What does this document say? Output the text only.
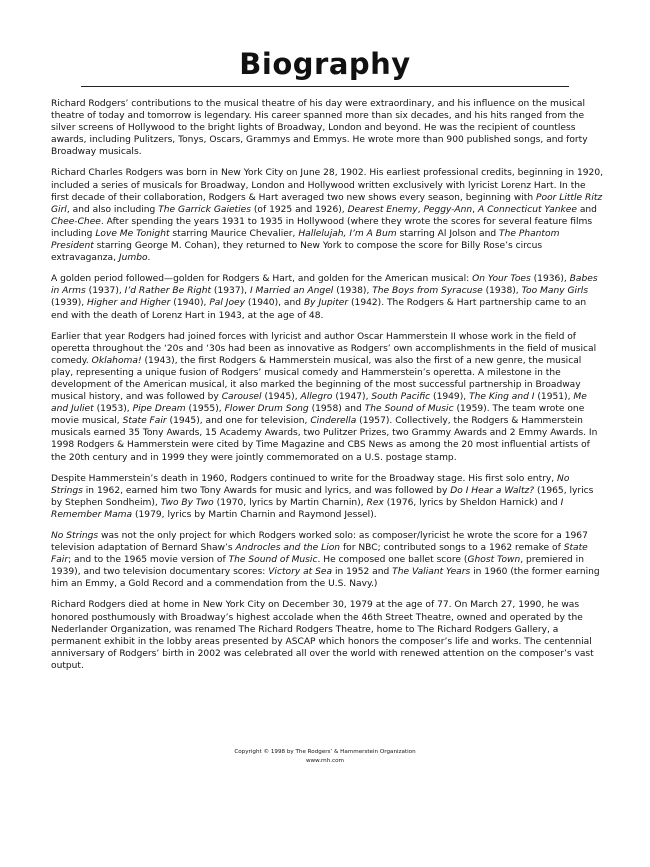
Biography

Richard Rodgers’ contributions to the musical theatre of his day were extraordinary, and his influence on the musical theatre of today and tomorrow is legendary. His career spanned more than six decades, and his hits ranged from the silver screens of Hollywood to the bright lights of Broadway, London and beyond. He was the recipient of countless awards, including Pulitzers, Tonys, Oscars, Grammys and Emmys. He wrote more than 900 published songs, and forty Broadway musicals.

Richard Charles Rodgers was born in New York City on June 28, 1902. His earliest professional credits, beginning in 1920, included a series of musicals for Broadway, London and Hollywood written exclusively with lyricist Lorenz Hart. In the first decade of their collaboration, Rodgers & Hart averaged two new shows every season, beginning with Poor Little Ritz Girl, and also including The Garrick Gaieties (of 1925 and 1926), Dearest Enemy, Peggy-Ann, A Connecticut Yankee and Chee-Chee. After spending the years 1931 to 1935 in Hollywood (where they wrote the scores for several feature films including Love Me Tonight starring Maurice Chevalier, Hallelujah, I’m A Bum starring Al Jolson and The Phantom President starring George M. Cohan), they returned to New York to compose the score for Billy Rose’s circus extravaganza, Jumbo.

A golden period followed—golden for Rodgers & Hart, and golden for the American musical: On Your Toes (1936), Babes in Arms (1937), I’d Rather Be Right (1937), I Married an Angel (1938), The Boys from Syracuse (1938), Too Many Girls (1939), Higher and Higher (1940), Pal Joey (1940), and By Jupiter (1942). The Rodgers & Hart partnership came to an end with the death of Lorenz Hart in 1943, at the age of 48.

Earlier that year Rodgers had joined forces with lyricist and author Oscar Hammerstein II whose work in the field of operetta throughout the ‘20s and ‘30s had been as innovative as Rodgers’ own accomplishments in the field of musical comedy. Oklahoma! (1943), the first Rodgers & Hammerstein musical, was also the first of a new genre, the musical play, representing a unique fusion of Rodgers’ musical comedy and Hammerstein’s operetta. A milestone in the development of the American musical, it also marked the beginning of the most successful partnership in Broadway musical history, and was followed by Carousel (1945), Allegro (1947), South Pacific (1949), The King and I (1951), Me and Juliet (1953), Pipe Dream (1955), Flower Drum Song (1958) and The Sound of Music (1959). The team wrote one movie musical, State Fair (1945), and one for television, Cinderella (1957). Collectively, the Rodgers & Hammerstein musicals earned 35 Tony Awards, 15 Academy Awards, two Pulitzer Prizes, two Grammy Awards and 2 Emmy Awards. In 1998 Rodgers & Hammerstein were cited by Time Magazine and CBS News as among the 20 most influential artists of the 20th century and in 1999 they were jointly commemorated on a U.S. postage stamp.

Despite Hammerstein’s death in 1960, Rodgers continued to write for the Broadway stage. His first solo entry, No Strings in 1962, earned him two Tony Awards for music and lyrics, and was followed by Do I Hear a Waltz? (1965, lyrics by Stephen Sondheim), Two By Two (1970, lyrics by Martin Charnin), Rex (1976, lyrics by Sheldon Harnick) and I Remember Mama (1979, lyrics by Martin Charnin and Raymond Jessel).

No Strings was not the only project for which Rodgers worked solo: as composer/lyricist he wrote the score for a 1967 television adaptation of Bernard Shaw’s Androcles and the Lion for NBC; contributed songs to a 1962 remake of State Fair; and to the 1965 movie version of The Sound of Music. He composed one ballet score (Ghost Town, premiered in 1939), and two television documentary scores: Victory at Sea in 1952 and The Valiant Years in 1960 (the former earning him an Emmy, a Gold Record and a commendation from the U.S. Navy.)

Richard Rodgers died at home in New York City on December 30, 1979 at the age of 77. On March 27, 1990, he was honored posthumously with Broadway’s highest accolade when the 46th Street Theatre, owned and operated by the Nederlander Organization, was renamed The Richard Rodgers Theatre, home to The Richard Rodgers Gallery, a permanent exhibit in the lobby areas presented by ASCAP which honors the composer’s life and works. The centennial anniversary of Rodgers’ birth in 2002 was celebrated all over the world with renewed attention on the composer’s vast output.

Copyright © 1998 by The Rodgers’ & Hammerstein Organization
www.rnh.com
